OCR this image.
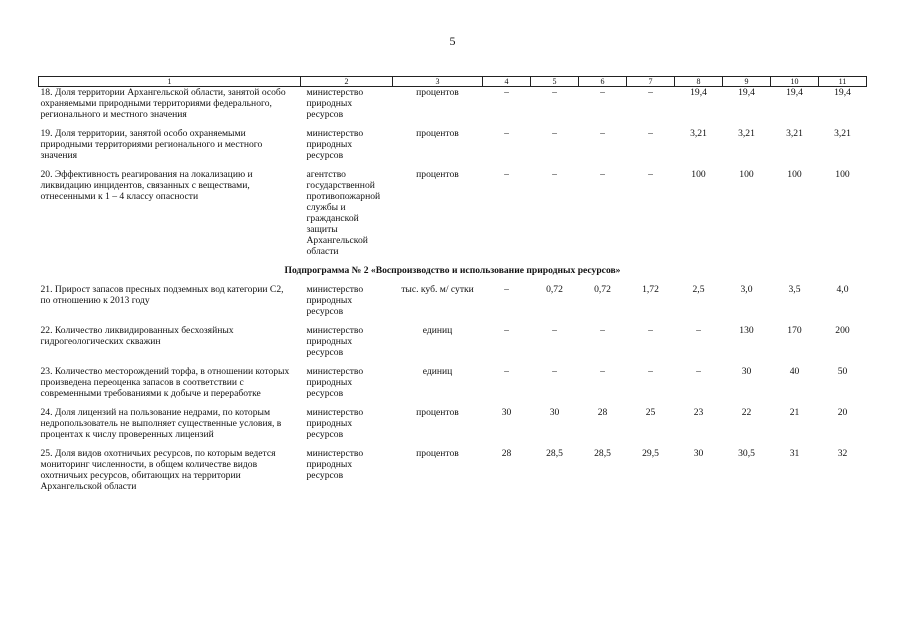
5
1	2	3	4	5	6	7	8	9	10	11
18. Доля территории Архангельской области, занятой особо охраняемыми природными территориями федерального, регионального и местного значения	министерство природных ресурсов	процентов	–	–	–	–	19,4	19,4	19,4	19,4
19. Доля территории, занятой особо охраняемыми природными территориями регионального и местного значения	министерство природных ресурсов	процентов	–	–	–	–	3,21	3,21	3,21	3,21
20. Эффективность реагирования на локализацию и ликвидацию инцидентов, связанных с веществами, отнесенными к 1 – 4 классу опасности	агентство государственной противопожарной службы и гражданской защиты Архангельской области	процентов	–	–	–	–	100	100	100	100
Подпрограмма № 2 «Воспроизводство и использование природных ресурсов»										
21. Прирост запасов пресных подземных вод категории С2, по отношению к 2013 году	министерство природных ресурсов	тыс. куб. м/ сутки	–	0,72	0,72	1,72	2,5	3,0	3,5	4,0
22. Количество ликвидированных бесхозяйных гидрогеологических скважин	министерство природных ресурсов	единиц	–	–	–	–	–	130	170	200
23. Количество месторождений торфа, в отношении которых произведена переоценка запасов в соответствии с современными требованиями к добыче и переработке	министерство природных ресурсов	единиц	–	–	–	–	–	30	40	50
24. Доля лицензий на пользование недрами, по которым недропользователь не выполняет существенные условия, в процентах к числу проверенных лицензий	министерство природных ресурсов	процентов	30	30	28	25	23	22	21	20
25. Доля видов охотничьих ресурсов, по которым ведется мониторинг численности, в общем количестве видов охотничьих ресурсов, обитающих на территории Архангельской области	министерство природных ресурсов	процентов	28	28,5	28,5	29,5	30	30,5	31	32
